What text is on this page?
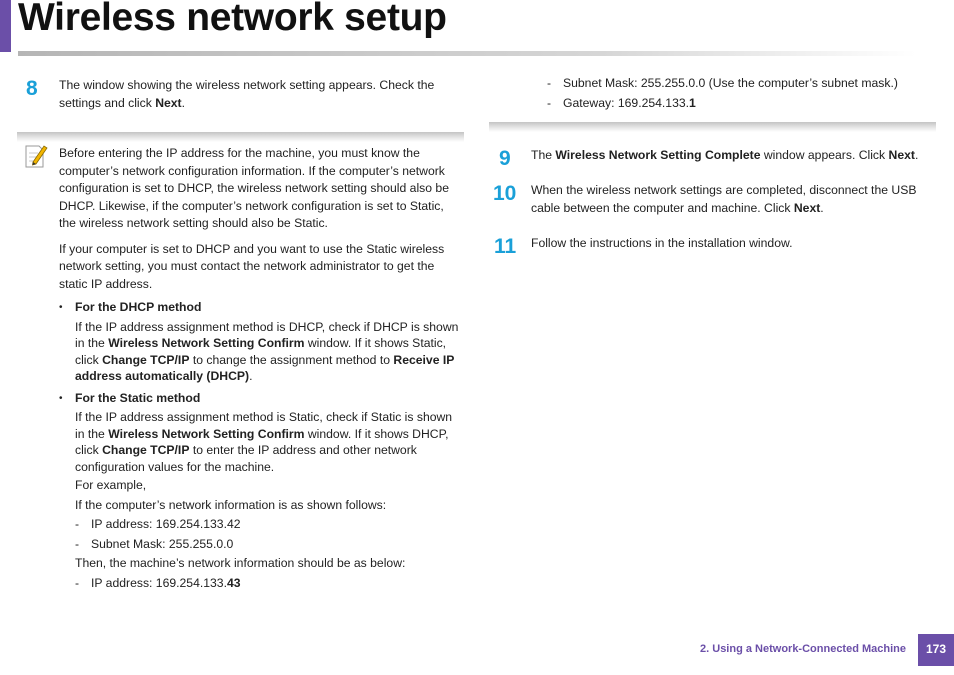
Wireless network setup
8 The window showing the wireless network setting appears. Check the settings and click Next.

Before entering the IP address for the machine, you must know the computer’s network configuration information. If the computer’s network configuration is set to DHCP, the wireless network setting should also be DHCP. Likewise, if the computer’s network configuration is set to Static, the wireless network setting should also be Static.

If your computer is set to DHCP and you want to use the Static wireless network setting, you must contact the network administrator to get the static IP address.

• For the DHCP method

If the IP address assignment method is DHCP, check if DHCP is shown in the Wireless Network Setting Confirm window. If it shows Static, click Change TCP/IP to change the assignment method to Receive IP address automatically (DHCP).

• For the Static method

If the IP address assignment method is Static, check if Static is shown in the Wireless Network Setting Confirm window. If it shows DHCP, click Change TCP/IP to enter the IP address and other network configuration values for the machine.

For example,

If the computer’s network information is as shown follows:

- IP address: 169.254.133.42
- Subnet Mask: 255.255.0.0

Then, the machine’s network information should be as below:

- IP address: 169.254.133.43
- Subnet Mask: 255.255.0.0 (Use the computer’s subnet mask.)
- Gateway: 169.254.133.1
9 The Wireless Network Setting Complete window appears. Click Next.

10 When the wireless network settings are completed, disconnect the USB cable between the computer and machine. Click Next.

11 Follow the instructions in the installation window.

2. Using a Network-Connected Machine	173
